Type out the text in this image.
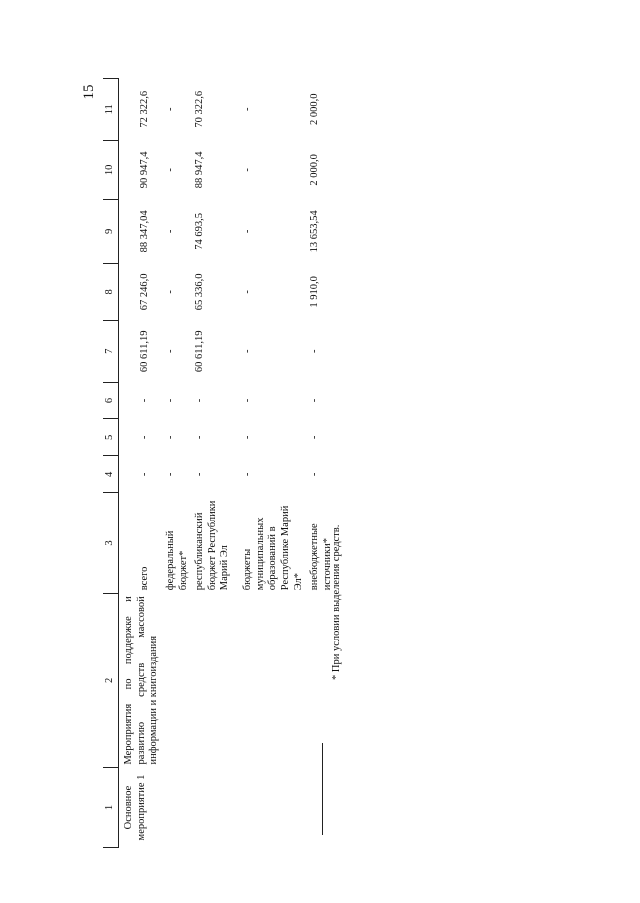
15
1	2	3	4	5	6	7	8	9	10	11
Основное мероприятие 1	Мероприятия по поддержке и развитию средств массовой информации и книгоиздания	всего	-	-	-	60 611,19	67 246,0	88 347,04	90 947,4	72 322,6
		федеральный бюджет*	-	-	-	-	-	-	-	-
		республиканский бюджет Республики Марий Эл	-	-	-	60 611,19	65 336,0	74 693,5	88 947,4	70 322,6
		бюджеты муниципальных образований в Республике Марий Эл*	-	-	-	-	-	-	-	-
		внебюджетные источники*	-	-	-	-	1 910,0	13 653,54	2 000,0	2 000,0
* При условии выделения средств.
